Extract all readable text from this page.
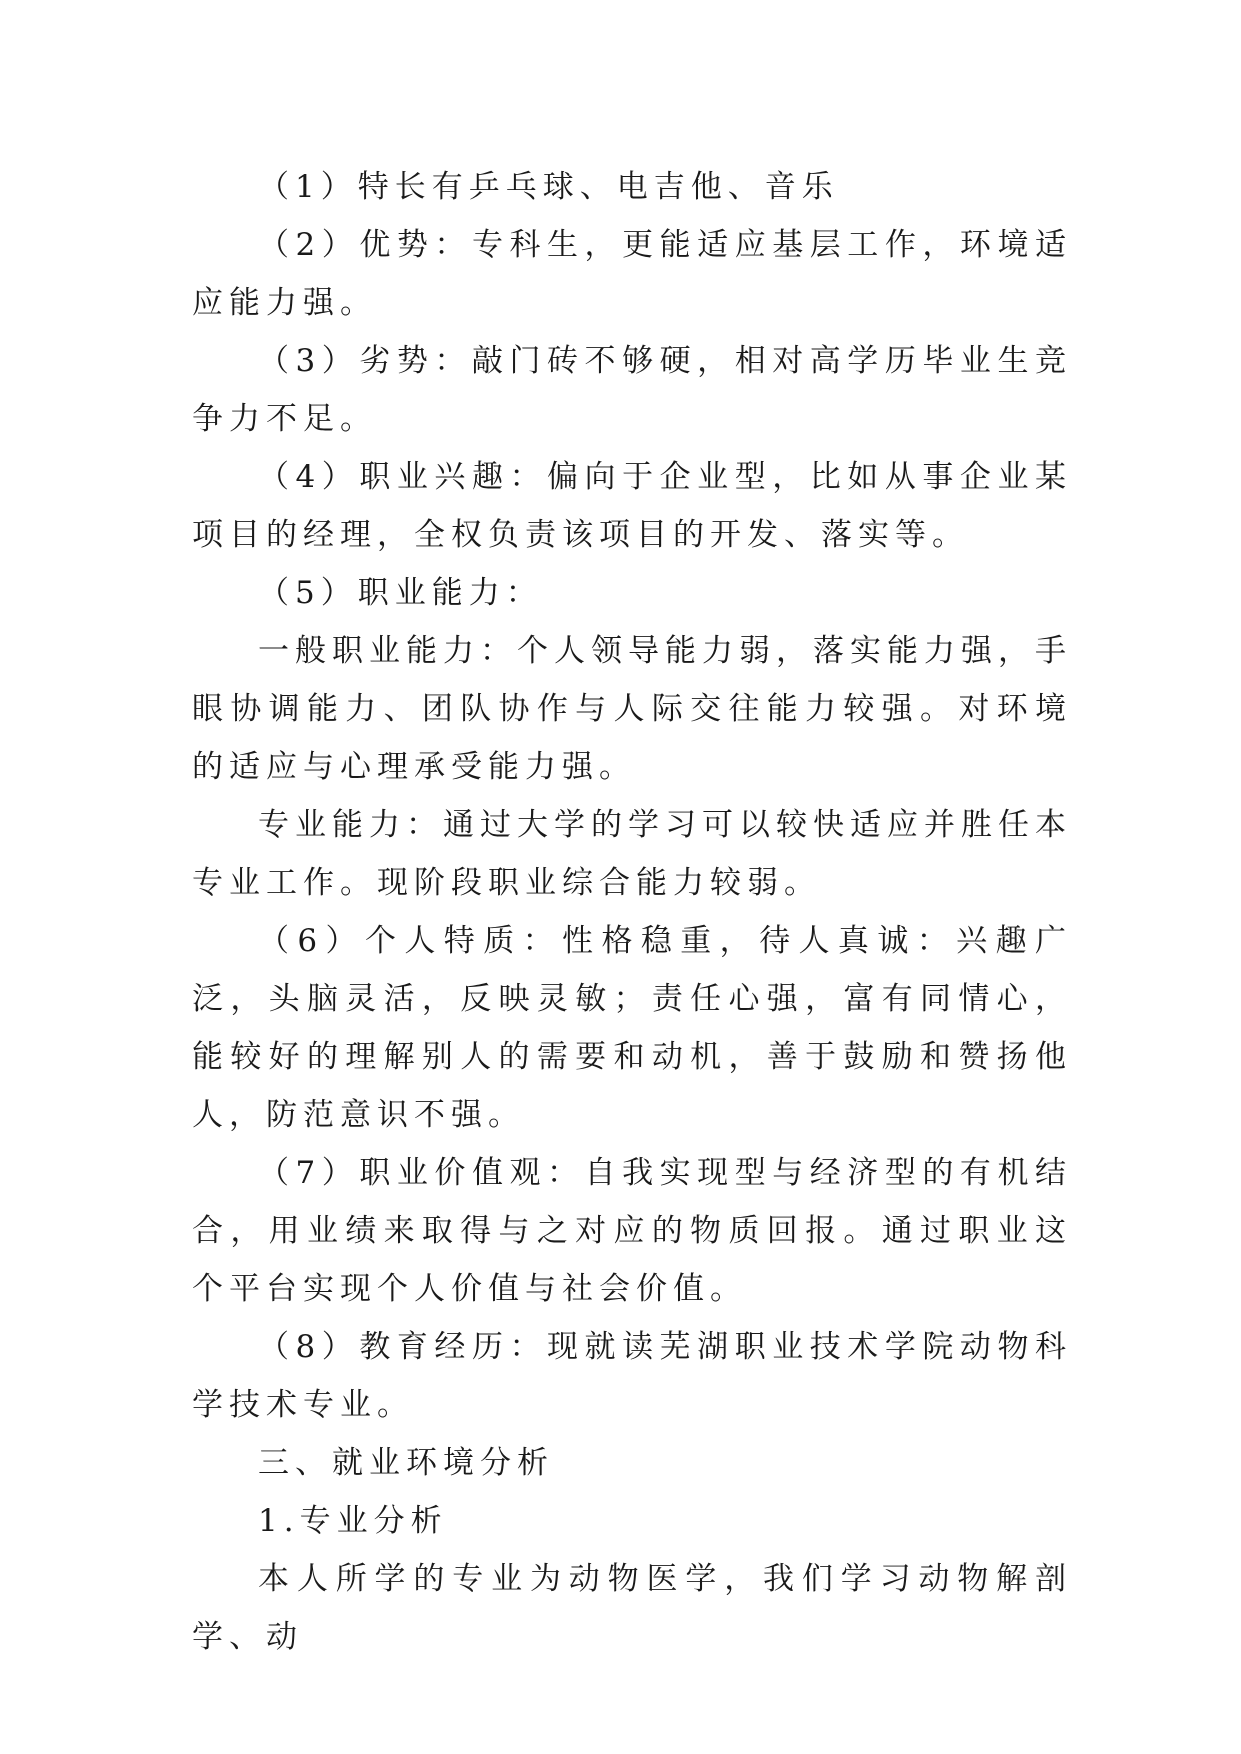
（1）特长有乒乓球、电吉他、音乐

（2）优势：专科生，更能适应基层工作，环境适应能力强。

（3）劣势：敲门砖不够硬，相对高学历毕业生竞争力不足。

（4）职业兴趣：偏向于企业型，比如从事企业某项目的经理，全权负责该项目的开发、落实等。

（5）职业能力：

一般职业能力：个人领导能力弱，落实能力强，手眼协调能力、团队协作与人际交往能力较强。对环境的适应与心理承受能力强。

专业能力：通过大学的学习可以较快适应并胜任本专业工作。现阶段职业综合能力较弱。

（6）个人特质：性格稳重，待人真诚：兴趣广泛，头脑灵活，反映灵敏；责任心强，富有同情心，能较好的理解别人的需要和动机，善于鼓励和赞扬他人，防范意识不强。

（7）职业价值观：自我实现型与经济型的有机结合，用业绩来取得与之对应的物质回报。通过职业这个平台实现个人价值与社会价值。

（8）教育经历：现就读芜湖职业技术学院动物科学技术专业。

三、就业环境分析

1.专业分析

本人所学的专业为动物医学，我们学习动物解剖学、动
